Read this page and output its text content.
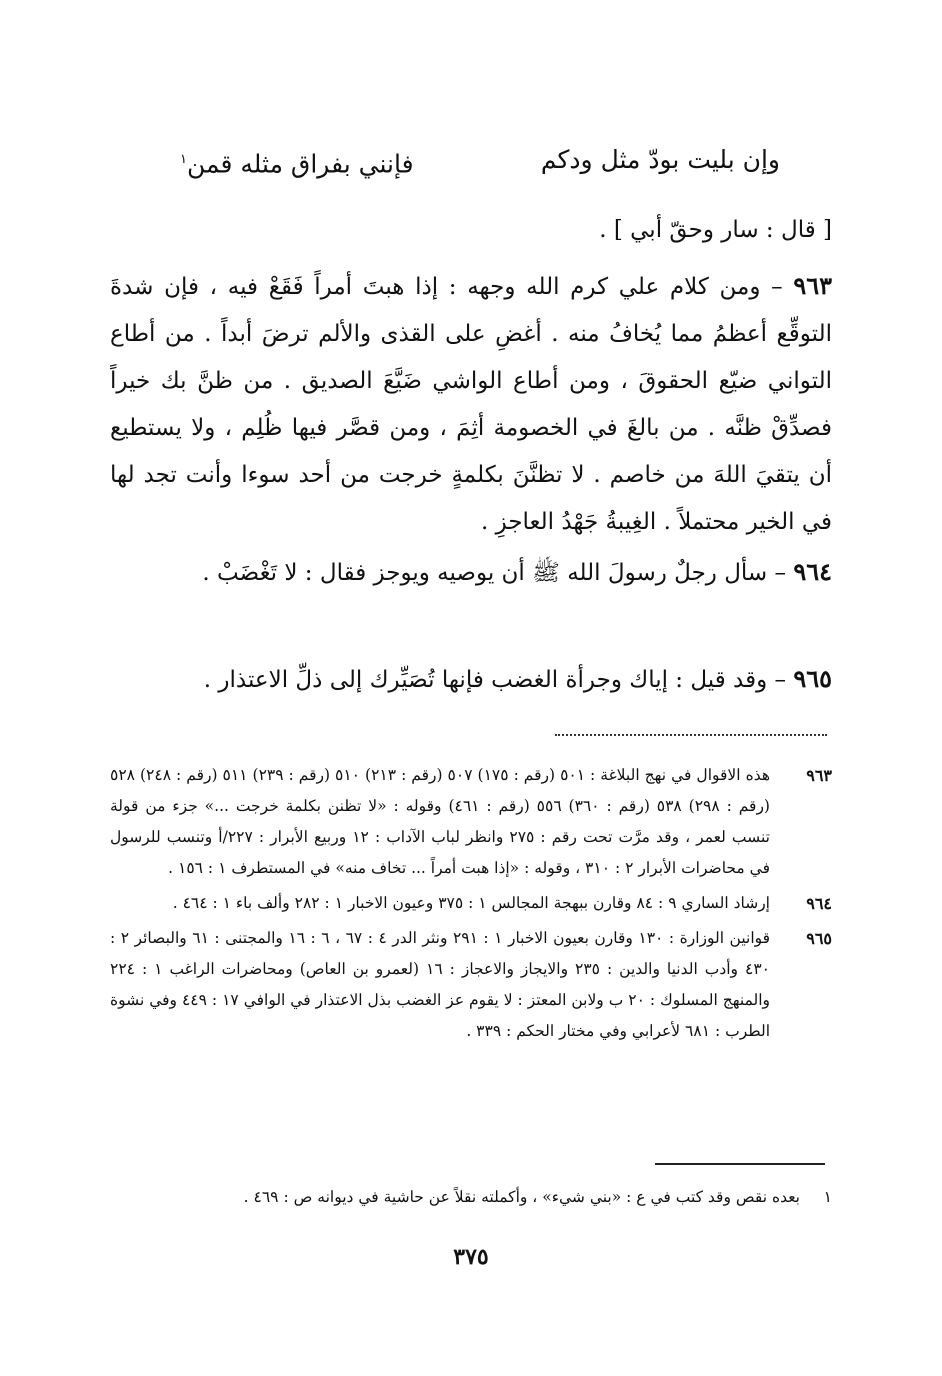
وإن بليت بودّ مثل ودكم
فإنني بفراق مثله قمن$^١$

[ قال : سار وحقّ أبي ] .

٩٦٣ – ومن كلام علي كرم الله وجهه : إذا هبتَ أمراً فَقَعْ فيه ، فإن شدةَ التوقِّع أعظمُ مما يُخافُ منه . أغضِ على القذى والألم ترضَ أبداً . من أطاع التواني ضيّع الحقوقَ ، ومن أطاع الواشي ضَيَّعَ الصديق . من ظنَّ بك خيراً فصدِّقْ ظنَّه . من بالغَ في الخصومة أثِمَ ، ومن قصَّر فيها ظُلِم ، ولا يستطيع أن يتقيَ اللهَ من خاصم . لا تظنَّنَ بكلمةٍ خرجت من أحد سوءا وأنت تجد لها في الخير محتملاً . الغِيبةُ جَهْدُ العاجزِ .

٩٦٤ – سأل رجلٌ رسولَ الله ﷺ أن يوصيه ويوجز فقال : لا تَغْضَبْ .

٩٦٥ – وقد قيل : إياك وجرأة الغضب فإنها تُصَيِّرك إلى ذلِّ الاعتذار .

٩٦٣
هذه الاقوال في نهج البلاغة : ٥٠١ (رقم : ١٧٥) ٥٠٧ (رقم : ٢١٣) ٥١٠ (رقم : ٢٣٩) ٥١١ (رقم : ٢٤٨) ٥٢٨ (رقم : ٢٩٨) ٥٣٨ (رقم : ٣٦٠) ٥٥٦ (رقم : ٤٦١) وقوله : «لا تظنن بكلمة خرجت ...» جزء من قولة تنسب لعمر ، وقد مرَّت تحت رقم : ٢٧٥ وانظر لباب الآداب : ١٢ وربيع الأبرار : ٢٢٧/أ وتنسب للرسول في محاضرات الأبرار ٢ : ٣١٠ ، وقوله : «إذا هبت أمراً ... تخاف منه» في المستطرف ١ : ١٥٦ .
٩٦٤
إرشاد الساري ٩ : ٨٤ وقارن ببهجة المجالس ١ : ٣٧٥ وعيون الاخبار ١ : ٢٨٢ وألف باء ١ : ٤٦٤ .
٩٦٥
قوانين الوزارة : ١٣٠ وقارن بعيون الاخبار ١ : ٢٩١ ونثر الدر ٤ : ٦٧ ، ٦ : ١٦ والمجتنى : ٦١ والبصائر ٢ : ٤٣٠ وأدب الدنيا والدين : ٢٣٥ والايجاز والاعجاز : ١٦ (لعمرو بن العاص) ومحاضرات الراغب ١ : ٢٢٤ والمنهج المسلوك : ٢٠ ب ولابن المعتز : لا يقوم عز الغضب بذل الاعتذار في الوافي ١٧ : ٤٤٩ وفي نشوة الطرب : ٦٨١ لأعرابي وفي مختار الحكم : ٣٣٩ .

١
بعده نقص وقد كتب في ع : «بني شيء» ، وأكملته نقلاً عن حاشية في ديوانه ص : ٤٦٩ .

٣٧٥
